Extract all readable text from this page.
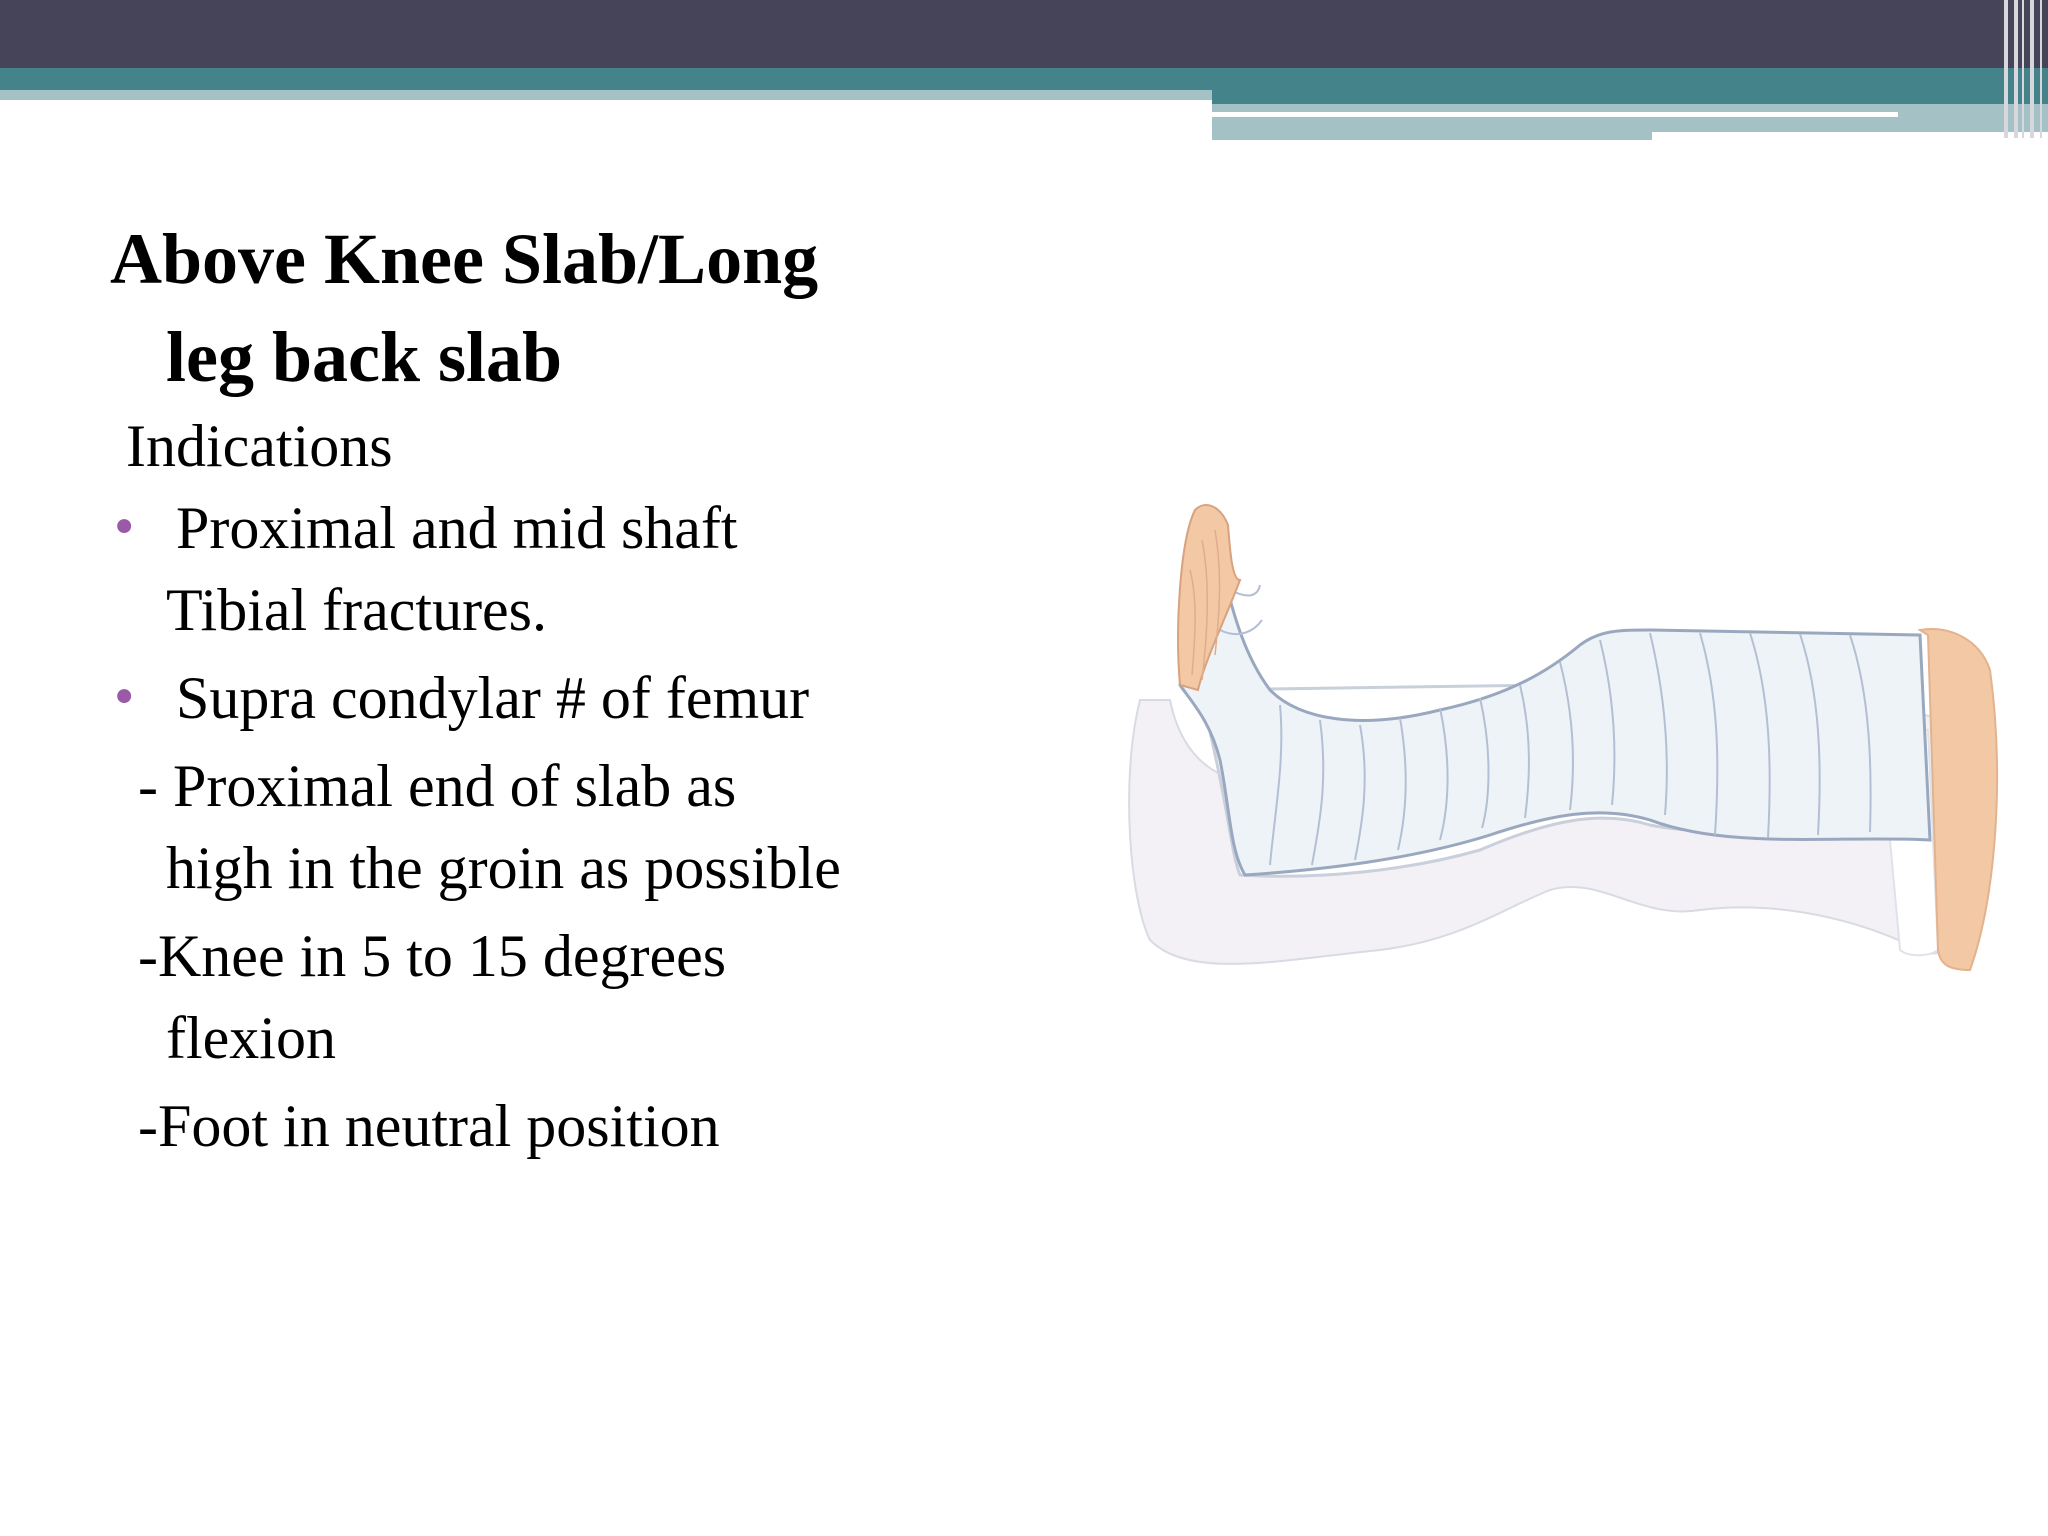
Above Knee Slab/Long
leg back slab
Indications
• Proximal and mid shaft
Tibial fractures.
• Supra condylar # of femur
- Proximal end of slab as
high in the groin as possible
-Knee in 5 to 15 degrees
flexion
-Foot in neutral position
